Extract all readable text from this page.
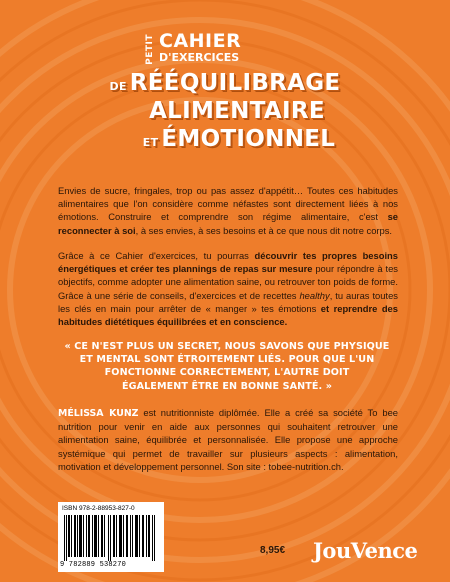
PETIT CAHIER
D'EXERCICES
DE RÉÉQUILIBRAGE
ALIMENTAIRE
ET ÉMOTIONNEL

Envies de sucre, fringales, trop ou pas assez d'appétit… Toutes ces habitudes alimentaires que l'on considère comme néfastes sont directement liées à nos émotions. Construire et comprendre son régime alimentaire, c'est se reconnecter à soi, à ses envies, à ses besoins et à ce que nous dit notre corps.

Grâce à ce Cahier d'exercices, tu pourras découvrir tes propres besoins énergétiques et créer tes plannings de repas sur mesure pour répondre à tes objectifs, comme adopter une alimentation saine, ou retrouver ton poids de forme. Grâce à une série de conseils, d'exercices et de recettes healthy, tu auras toutes les clés en main pour arrêter de « manger » tes émotions et reprendre des habitudes diététiques équilibrées et en conscience.

« CE N'EST PLUS UN SECRET, NOUS SAVONS QUE PHYSIQUE
ET MENTAL SONT ÉTROITEMENT LIÉS. POUR QUE L'UN
FONCTIONNE CORRECTEMENT, L'AUTRE DOIT
ÉGALEMENT ÊTRE EN BONNE SANTÉ. »

MÉLISSA KUNZ est nutritionniste diplômée. Elle a créé sa société To bee nutrition pour venir en aide aux personnes qui souhaitent retrouver une alimentation saine, équilibrée et personnalisée. Elle propose une approche systémique qui permet de travailler sur plusieurs aspects : alimentation, motivation et développement personnel. Son site : tobee-nutrition.ch.

ISBN 978-2-88953-827-0
9 782889 538270
8,95€ JouVence
